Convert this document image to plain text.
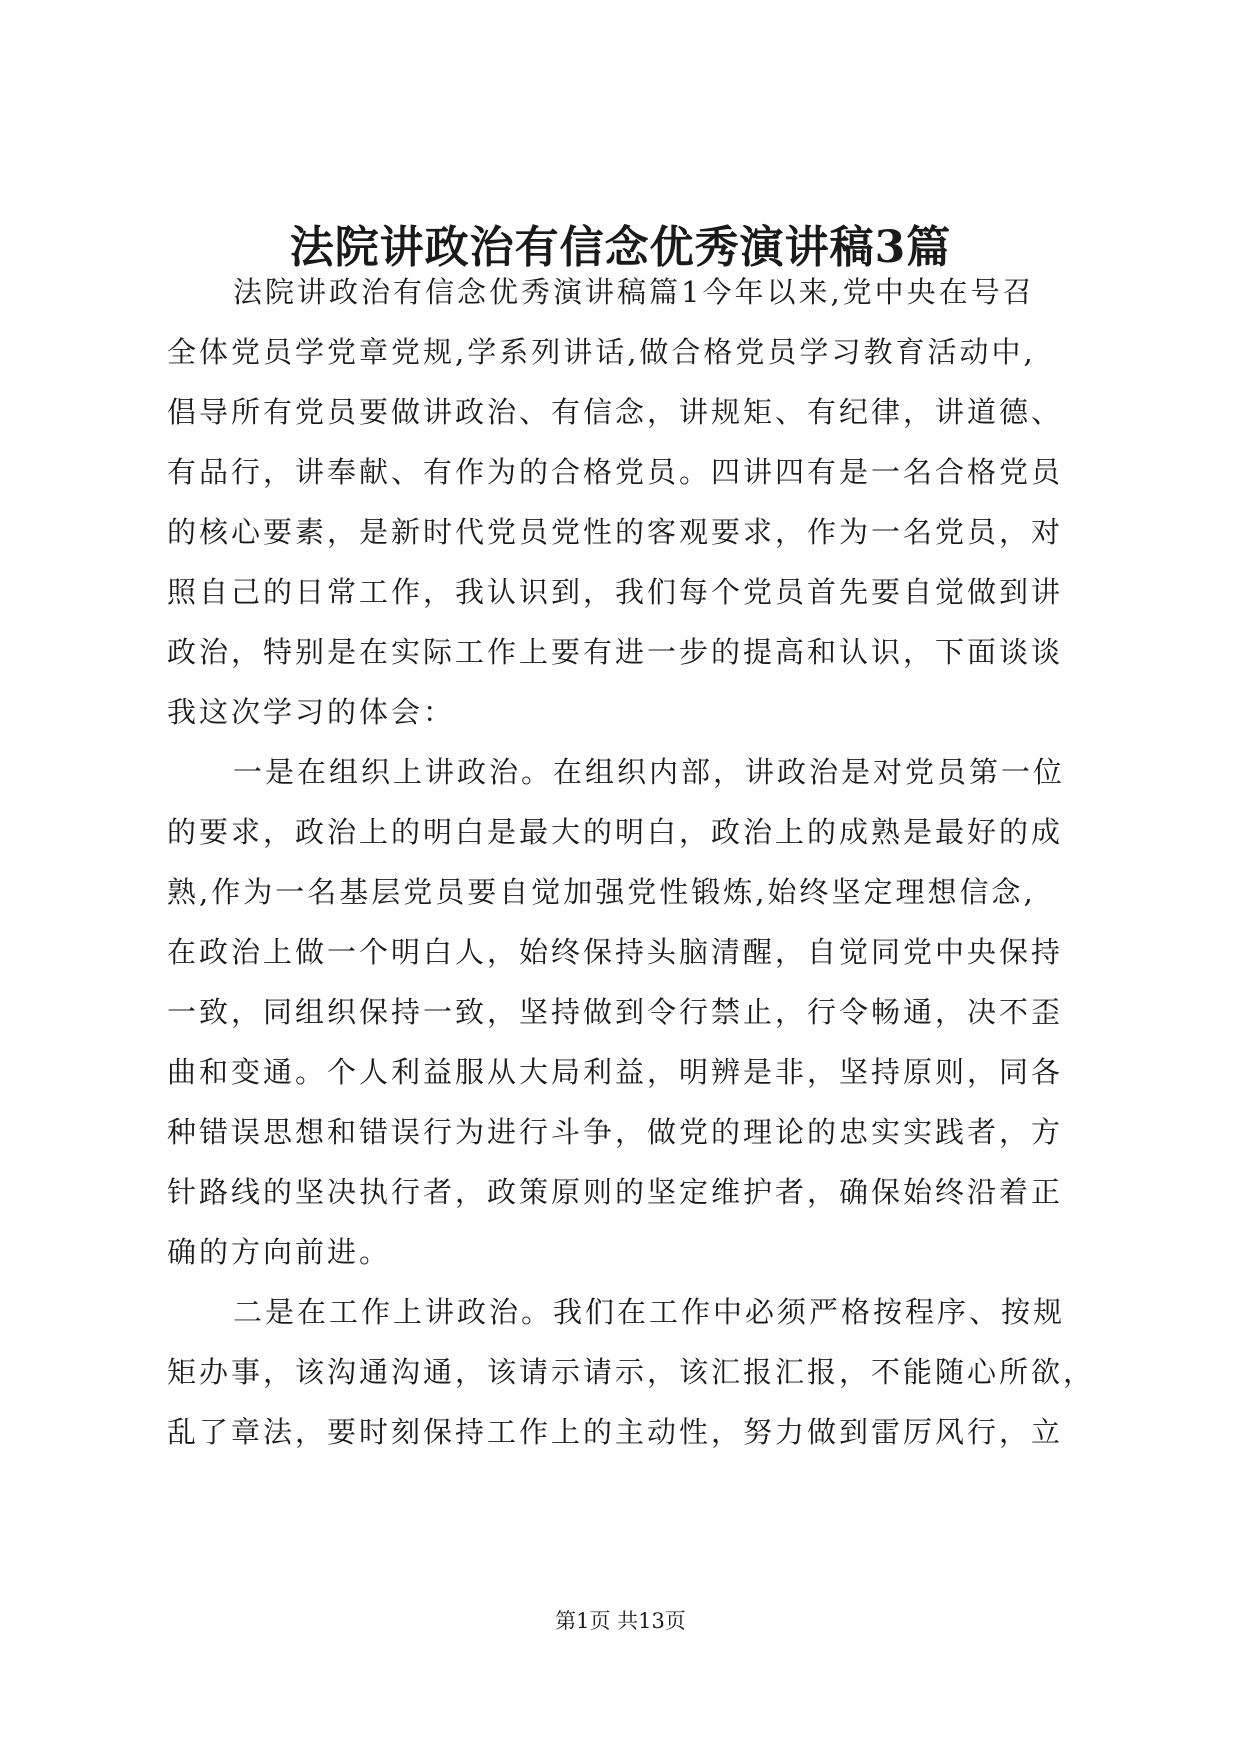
法院讲政治有信念优秀演讲稿3篇
法院讲政治有信念优秀演讲稿篇1今年以来,党中央在号召
全体党员学党章党规,学系列讲话,做合格党员学习教育活动中,
倡导所有党员要做讲政治、有信念，讲规矩、有纪律，讲道德、
有品行，讲奉献、有作为的合格党员。四讲四有是一名合格党员
的核心要素，是新时代党员党性的客观要求，作为一名党员，对
照自己的日常工作，我认识到，我们每个党员首先要自觉做到讲
政治，特别是在实际工作上要有进一步的提高和认识，下面谈谈
我这次学习的体会：
一是在组织上讲政治。在组织内部，讲政治是对党员第一位
的要求，政治上的明白是最大的明白，政治上的成熟是最好的成
熟,作为一名基层党员要自觉加强党性锻炼,始终坚定理想信念,
在政治上做一个明白人，始终保持头脑清醒，自觉同党中央保持
一致，同组织保持一致，坚持做到令行禁止，行令畅通，决不歪
曲和变通。个人利益服从大局利益，明辨是非，坚持原则，同各
种错误思想和错误行为进行斗争，做党的理论的忠实实践者，方
针路线的坚决执行者，政策原则的坚定维护者，确保始终沿着正
确的方向前进。
二是在工作上讲政治。我们在工作中必须严格按程序、按规
矩办事，该沟通沟通，该请示请示，该汇报汇报，不能随心所欲，
乱了章法，要时刻保持工作上的主动性，努力做到雷厉风行，立
第1页 共13页
